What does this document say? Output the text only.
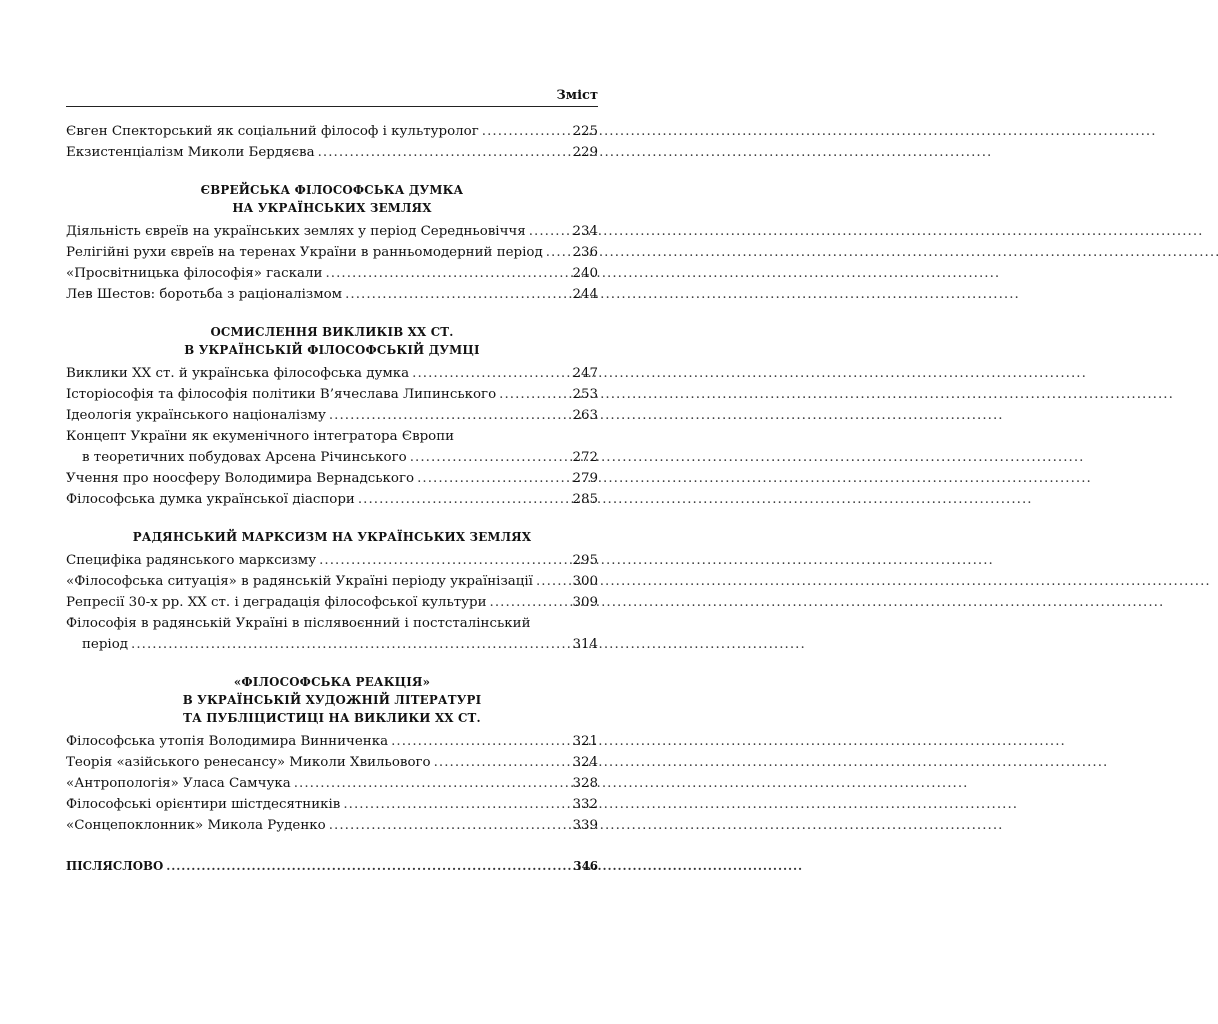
Зміст
Євген Спекторський як соціальний філософ і культуролог . . .	225
Екзистенціалізм Миколи Бердяєва . . .	229
ЄВРЕЙСЬКА ФІЛОСОФСЬКА ДУМКА
НА УКРАЇНСЬКИХ ЗЕМЛЯХ
Діяльність євреїв на українських землях у період Середньовіччя . . .	234
Релігійні рухи євреїв на теренах України в ранньомодерний період . . . 236
«Просвітницька філософія» гаскали . . .	240
Лев Шестов: боротьба з раціоналізмом . . .	244
ОСМИСЛЕННЯ ВИКЛИКІВ ХХ СТ.
В УКРАЇНСЬКІЙ ФІЛОСОФСЬКІЙ ДУМЦІ
Виклики ХХ ст. й українська філософська думка . . .	247
Історіософія та філософія політики В’ячеслава Липинського . . .	253
Ідеологія українського націоналізму . . .	263
Концепт України як екуменічного інтегратора Європи
в теоретичних побудовах Арсена Річинського . . .	272
Учення про ноосферу Володимира Вернадського . . .	279
Філософська думка української діаспори . . .	285
РАДЯНСЬКИЙ МАРКСИЗМ НА УКРАЇНСЬКИХ ЗЕМЛЯХ
Специфіка радянського марксизму . . .	295
«Філософська ситуація» в радянській Україні періоду українізації . . .	300
Репресії 30-х рр. ХХ ст. і деградація філософської культури . . .	309
Філософія в радянській Україні в післявоєнний і постсталінський
період . . .	314
«ФІЛОСОФСЬКА РЕАКЦІЯ»
В УКРАЇНСЬКІЙ ХУДОЖНІЙ ЛІТЕРАТУРІ
ТА ПУБЛІЦИСТИЦІ НА ВИКЛИКИ ХХ СТ.
Філософська утопія Володимира Винниченка . . .	321
Теорія «азійського ренесансу» Миколи Хвильового . . .	324
«Антропологія» Уласа Самчука . . .	328
Філософські орієнтири шістдесятників . . .	332
«Сонцепоклонник» Микола Руденко . . .	339
ПІСЛЯСЛОВО . . .	346
